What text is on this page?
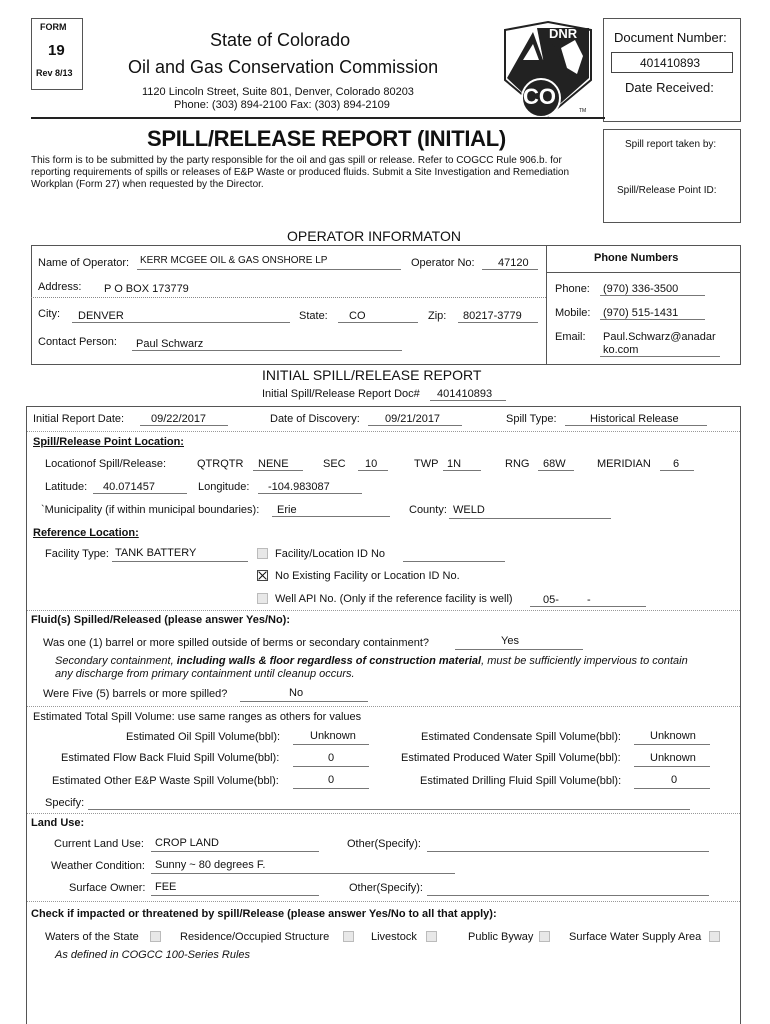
FORM
19
Rev 8/13
State of Colorado
Oil and Gas Conservation Commission
1120 Lincoln Street, Suite 801, Denver, Colorado 80203
Phone: (303) 894-2100 Fax: (303) 894-2109
DNR
CO
TM
Document Number:
401410893
Date Received:
SPILL/RELEASE REPORT (INITIAL)
This form is to be submitted by the party responsible for the oil and gas spill or release. Refer to COGCC Rule 906.b. for
reporting requirements of spills or releases of E&P Waste or produced fluids. Submit a Site Investigation and Remediation
Workplan (Form 27) when requested by the Director.
Spill report taken by:
Spill/Release Point ID:
OPERATOR INFORMATON
Name of Operator: KERR MCGEE OIL & GAS ONSHORE LP	Operator No: 47120	Phone Numbers
Address: P O BOX 173779	Phone: (970) 336-3500
City: DENVER	State: CO	Zip: 80217-3779	Mobile: (970) 515-1431
Contact Person: Paul Schwarz
Email: Paul.Schwarz@anadar
ko.com
INITIAL SPILL/RELEASE REPORT
Initial Spill/Release Report Doc# 401410893
Initial Report Date: 09/22/2017	Date of Discovery: 09/21/2017	Spill Type:	Historical Release
Spill/Release Point Location:
Locationof Spill/Release:	QTRQTR NENE	SEC 10	TWP 1N	RNG 68W	MERIDIAN 6
Latitude: 40.071457	Longitude: -104.983087
`Municipality (if within municipal boundaries): Erie	County: WELD
Reference Location:
Facility Type: TANK BATTERY	Facility/Location ID No
No Existing Facility or Location ID No.
Well API No. (Only if the reference facility is well)	05-	-
Fluid(s) Spilled/Released (please answer Yes/No):
Was one (1) barrel or more spilled outside of berms or secondary containment?	Yes
Secondary containment, including walls & floor regardless of construction material, must be sufficiently impervious to contain
any discharge from primary containment until cleanup occurs.
Were Five (5) barrels or more spilled?	No
Estimated Total Spill Volume: use same ranges as others for values
Estimated Oil Spill Volume(bbl):	Unknown	Estimated Condensate Spill Volume(bbl):	Unknown
Estimated Flow Back Fluid Spill Volume(bbl):	0	Estimated Produced Water Spill Volume(bbl):	Unknown
Estimated Other E&P Waste Spill Volume(bbl):	0	Estimated Drilling Fluid Spill Volume(bbl):	0
Specify:
Land Use:
Current Land Use: CROP LAND	Other(Specify):
Weather Condition: Sunny ~ 80 degrees F.
Surface Owner: FEE	Other(Specify):
Check if impacted or threatened by spill/Release (please answer Yes/No to all that apply):
Waters of the State	Residence/Occupied Structure	Livestock	Public Byway	Surface Water Supply Area
As defined in COGCC 100-Series Rules
